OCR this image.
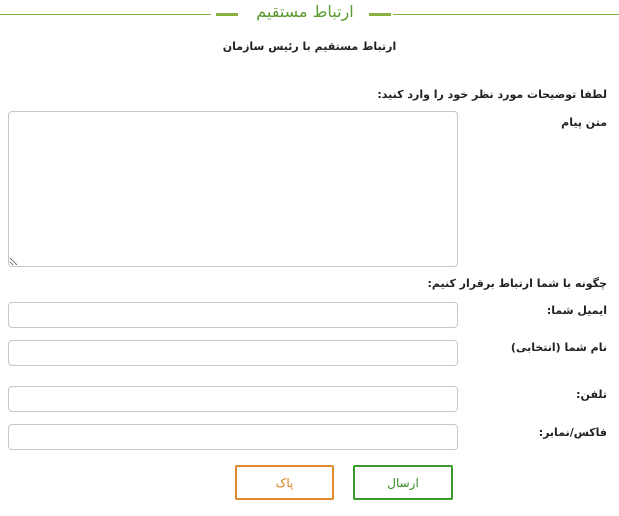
ارتباط مستقیم
ارتباط مستقیم با رئیس سازمان
لطفا توضیحات مورد نظر خود را وارد کنید:
متن پیام
چگونه با شما ارتباط برقرار کنیم:
ایمیل شما:
نام شما (انتخابی)
تلفن:
فاکس/نمابر:
ارسال
پاک
